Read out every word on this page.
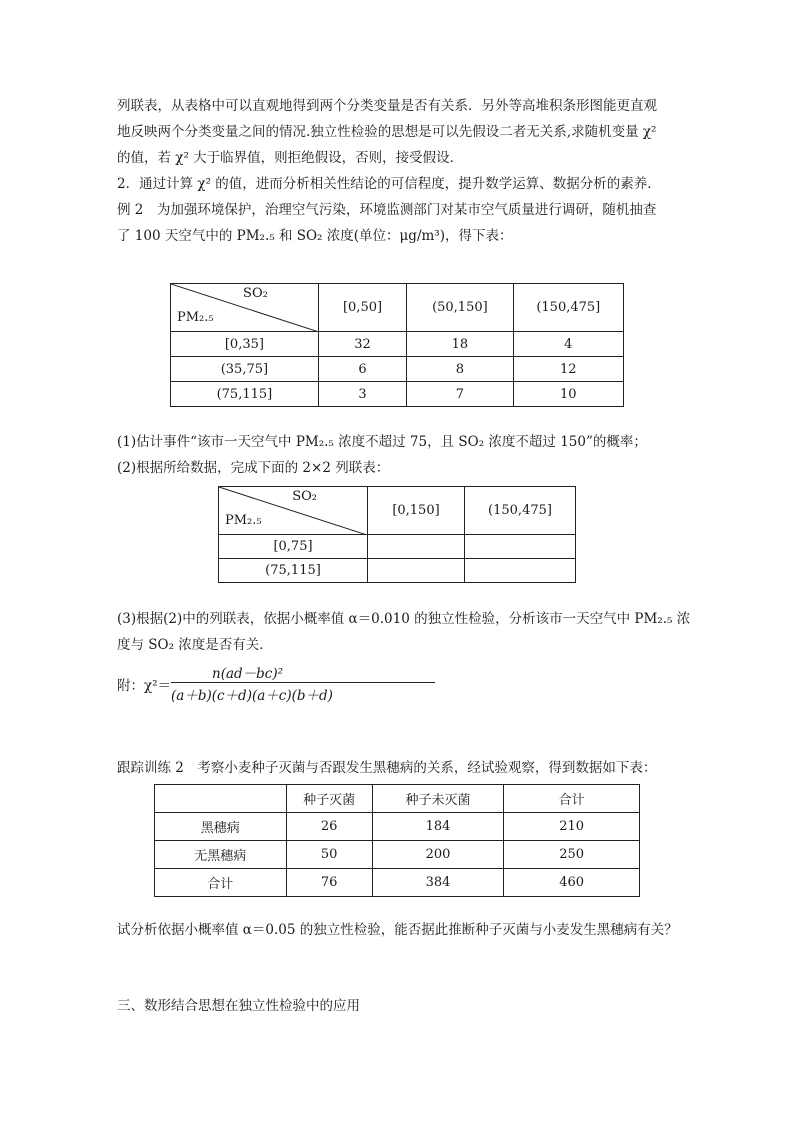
列联表，从表格中可以直观地得到两个分类变量是否有关系．另外等高堆积条形图能更直观
地反映两个分类变量之间的情况.独立性检验的思想是可以先假设二者无关系,求随机变量 χ²
的值，若 χ² 大于临界值，则拒绝假设，否则，接受假设．
2．通过计算 χ² 的值，进而分析相关性结论的可信程度，提升数学运算、数据分析的素养．
例 2　为加强环境保护，治理空气污染，环境监测部门对某市空气质量进行调研，随机抽查
了 100 天空气中的 PM₂.₅ 和 SO₂ 浓度(单位：μg/m³)，得下表：
SO₂
PM₂.₅	[0,50]	(50,150]	(150,475]
[0,35]	32	18	4
(35,75]	6	8	12
(75,115]	3	7	10
(1)估计事件“该市一天空气中 PM₂.₅ 浓度不超过 75，且 SO₂ 浓度不超过 150”的概率；
(2)根据所给数据，完成下面的 2×2 列联表：
SO₂
PM₂.₅	[0,150]	(150,475]
[0,75]		
(75,115]		
(3)根据(2)中的列联表，依据小概率值 α＝0.010 的独立性检验，分析该市一天空气中 PM₂.₅ 浓
度与 SO₂ 浓度是否有关．
附：χ²＝
n(ad－bc)²
(a＋b)(c＋d)(a＋c)(b＋d)
跟踪训练 2　考察小麦种子灭菌与否跟发生黑穗病的关系，经试验观察，得到数据如下表：
	种子灭菌	种子未灭菌	合计
黑穗病	26	184	210
无黑穗病	50	200	250
合计	76	384	460
试分析依据小概率值 α＝0.05 的独立性检验，能否据此推断种子灭菌与小麦发生黑穗病有关？
三、数形结合思想在独立性检验中的应用
